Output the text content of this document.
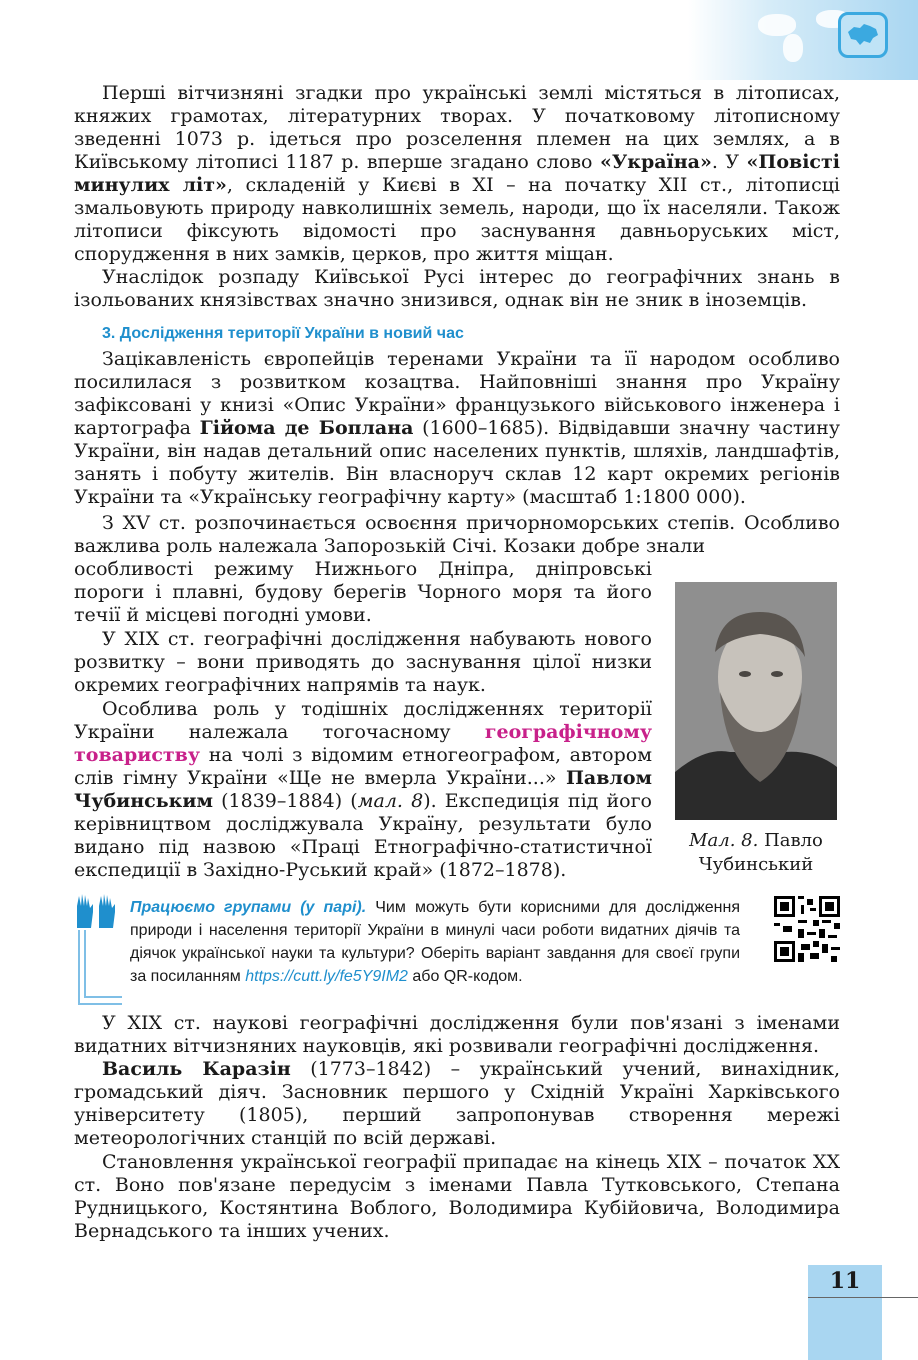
Перші вітчизняні згадки про українські землі містяться в літописах, княжих грамотах, літературних творах. У початковому літописному зведенні 1073 р. ідеться про розселення племен на цих землях, а в Київському літописі 1187 р. вперше згадано слово «Україна». У «Повісті минулих літ», складеній у Києві в ХІ – на початку ХІІ ст., літописці змальовують природу навколишніх земель, народи, що їх населяли. Також літописи фіксують відомості про заснування давньоруських міст, спорудження в них замків, церков, про життя міщан.

Унаслідок розпаду Київської Русі інтерес до географічних знань в ізольованих князівствах значно знизився, однак він не зник в іноземців.

3. Дослідження території України в новий час

Зацікавленість європейців теренами України та її народом особливо посилилася з розвитком козацтва. Найповніші знання про Україну зафіксовані у книзі «Опис України» французького військового інженера і картографа Гійома де Боплана (1600–1685). Відвідавши значну частину України, він надав детальний опис населених пунктів, шляхів, ландшафтів, занять і побуту жителів. Він власноруч склав 12 карт окремих регіонів України та «Українську географічну карту» (масштаб 1:1800 000).

З XV ст. розпочинається освоєння причорноморських степів. Особливо важлива роль належала Запорозькій Січі. Козаки добре знали

особливості режиму Нижнього Дніпра, дніпровські пороги і плавні, будову берегів Чорного моря та його течії й місцеві погодні умови.

У ХІХ ст. географічні дослідження набувають нового розвитку – вони приводять до заснування цілої низки окремих географічних напрямів та наук.

Особлива роль у тодішніх дослідженнях території України належала тогочасному географічному товариству на чолі з відомим етногеографом, автором слів гімну України «Ще не вмерла України...» Павлом Чубинським (1839–1884) (мал. 8). Експедиція під його керівництвом досліджувала Україну, результати було видано під назвою «Праці Етнографічно-статистичної експедиції в Західно-Руський край» (1872–1878).

Мал. 8. Павло Чубинський

Працюємо групами (у парі). Чим можуть бути корисними для дослідження природи і населення території України в минулі часи роботи видатних діячів та діячок української науки та культури? Оберіть варіант завдання для своєї групи за посиланням https://cutt.ly/fe5Y9IM2 або QR-кодом.

У ХІХ ст. наукові географічні дослідження були пов'язані з іменами видатних вітчизняних науковців, які розвивали географічні дослідження.

Василь Каразін (1773–1842) – український учений, винахідник, громадський діяч. Засновник першого у Східній Україні Харківського університету (1805), перший запропонував створення мережі метеорологічних станцій по всій державі.

Становлення української географії припадає на кінець ХІХ – початок ХХ ст. Воно пов'язане передусім з іменами Павла Тутковського, Степана Рудницького, Костянтина Воблого, Володимира Кубійовича, Володимира Вернадського та інших учених.

11
